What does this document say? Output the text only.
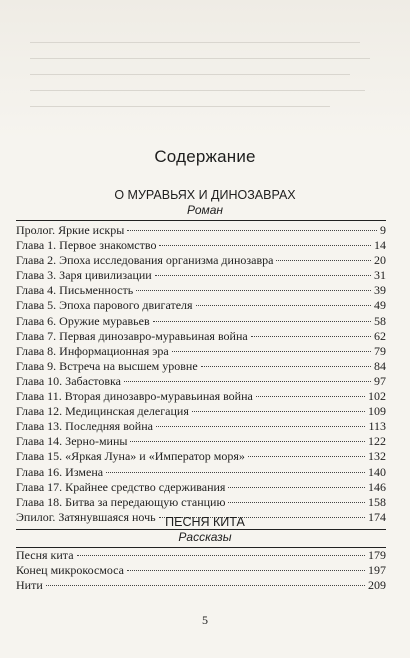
Содержание
О МУРАВЬЯХ И ДИНОЗАВРАХ
Роман
Пролог. Яркие искры	9
Глава 1. Первое знакомство	14
Глава 2. Эпоха исследования организма динозавра	20
Глава 3. Заря цивилизации	31
Глава 4. Письменность	39
Глава 5. Эпоха парового двигателя	49
Глава 6. Оружие муравьев	58
Глава 7. Первая динозавро-муравьиная война	62
Глава 8. Информационная эра	79
Глава 9. Встреча на высшем уровне	84
Глава 10. Забастовка	97
Глава 11. Вторая динозавро-муравьиная война	102
Глава 12. Медицинская делегация	109
Глава 13. Последняя война	113
Глава 14. Зерно-мины	122
Глава 15. «Яркая Луна» и «Император моря»	132
Глава 16. Измена	140
Глава 17. Крайнее средство сдерживания	146
Глава 18. Битва за передающую станцию	158
Эпилог. Затянувшаяся ночь	174
ПЕСНЯ КИТА
Рассказы
Песня кита	179
Конец микрокосмоса	197
Нити	209
5
